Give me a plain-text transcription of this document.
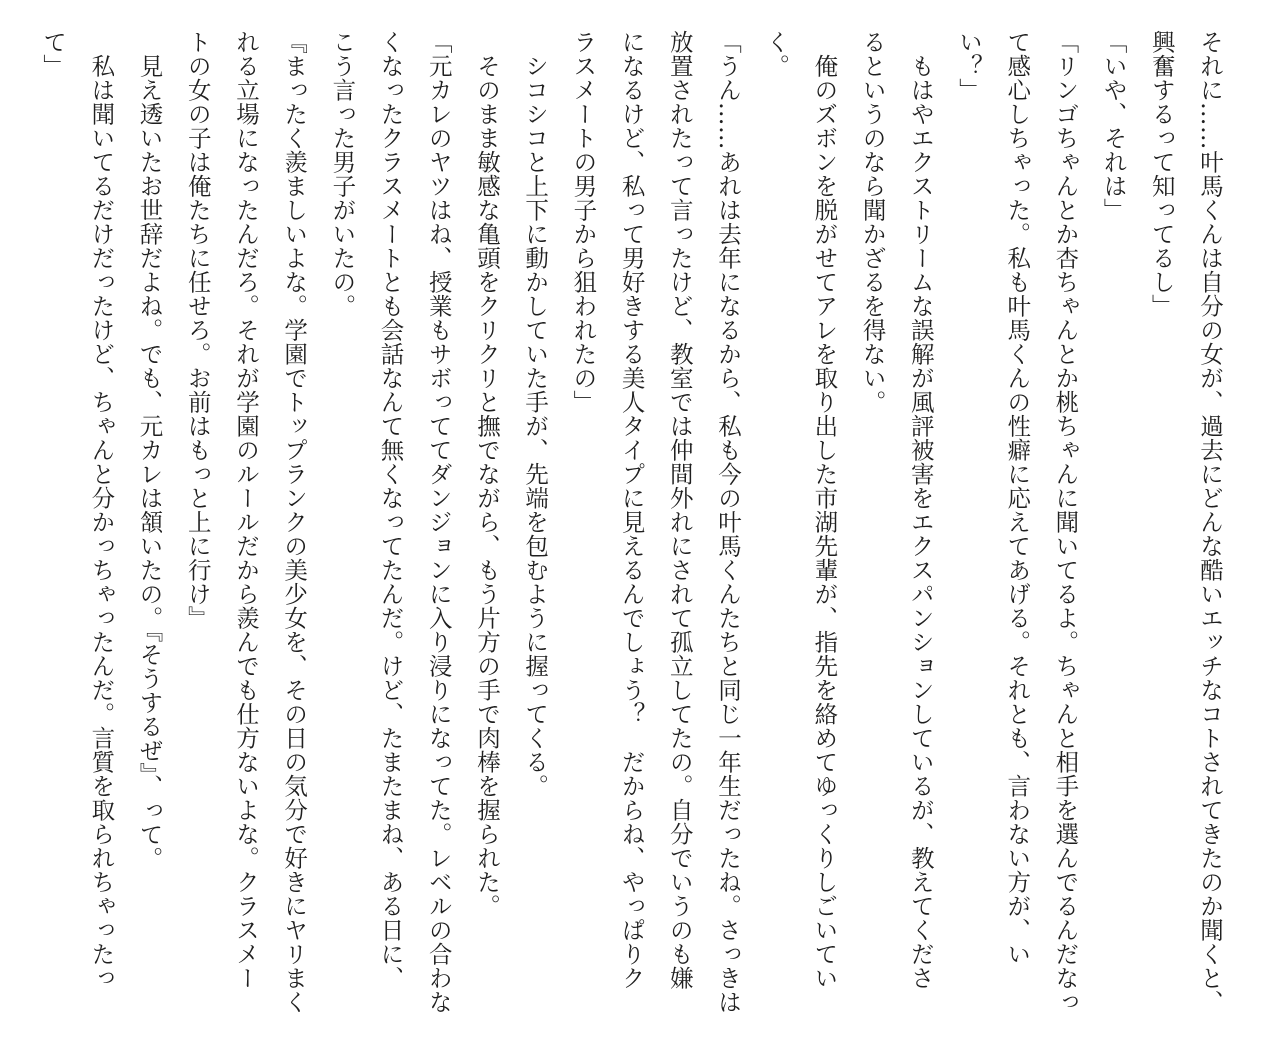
それに……叶馬くんは自分の女が、過去にどんな酷いエッチなコトされてきたのか聞くと、
興奮するって知ってるし」
「いや、それは」
「リンゴちゃんとか杏ちゃんとか桃ちゃんに聞いてるよ。ちゃんと相手を選んでるんだなっ
て感心しちゃった。私も叶馬くんの性癖に応えてあげる。それとも、言わない方が、い
い？」
　もはやエクストリームな誤解が風評被害をエクスパンションしているが、教えてくださ
るというのなら聞かざるを得ない。
　俺のズボンを脱がせてアレを取り出した市湖先輩が、指先を絡めてゆっくりしごいてい
く。
「うん……あれは去年になるから、私も今の叶馬くんたちと同じ一年生だったね。さっきは
放置されたって言ったけど、教室では仲間外れにされて孤立してたの。自分でいうのも嫌
になるけど、私って男好きする美人タイプに見えるんでしょう？　だからね、やっぱりク
ラスメートの男子から狙われたの」
　シコシコと上下に動かしていた手が、先端を包むように握ってくる。
　そのまま敏感な亀頭をクリクリと撫でながら、もう片方の手で肉棒を握られた。
「元カレのヤツはね、授業もサボっててダンジョンに入り浸りになってた。レベルの合わな
くなったクラスメートとも会話なんて無くなってたんだ。けど、たまたまね、ある日に、
こう言った男子がいたの。
『まったく羨ましいよな。学園でトップランクの美少女を、その日の気分で好きにヤリまく
れる立場になったんだろ。それが学園のルールだから羨んでも仕方ないよな。クラスメー
トの女の子は俺たちに任せろ。お前はもっと上に行け』
　見え透いたお世辞だよね。でも、元カレは頷いたの。『そうするぜ』、って。
　私は聞いてるだけだったけど、ちゃんと分かっちゃったんだ。言質を取られちゃったっ
て」
